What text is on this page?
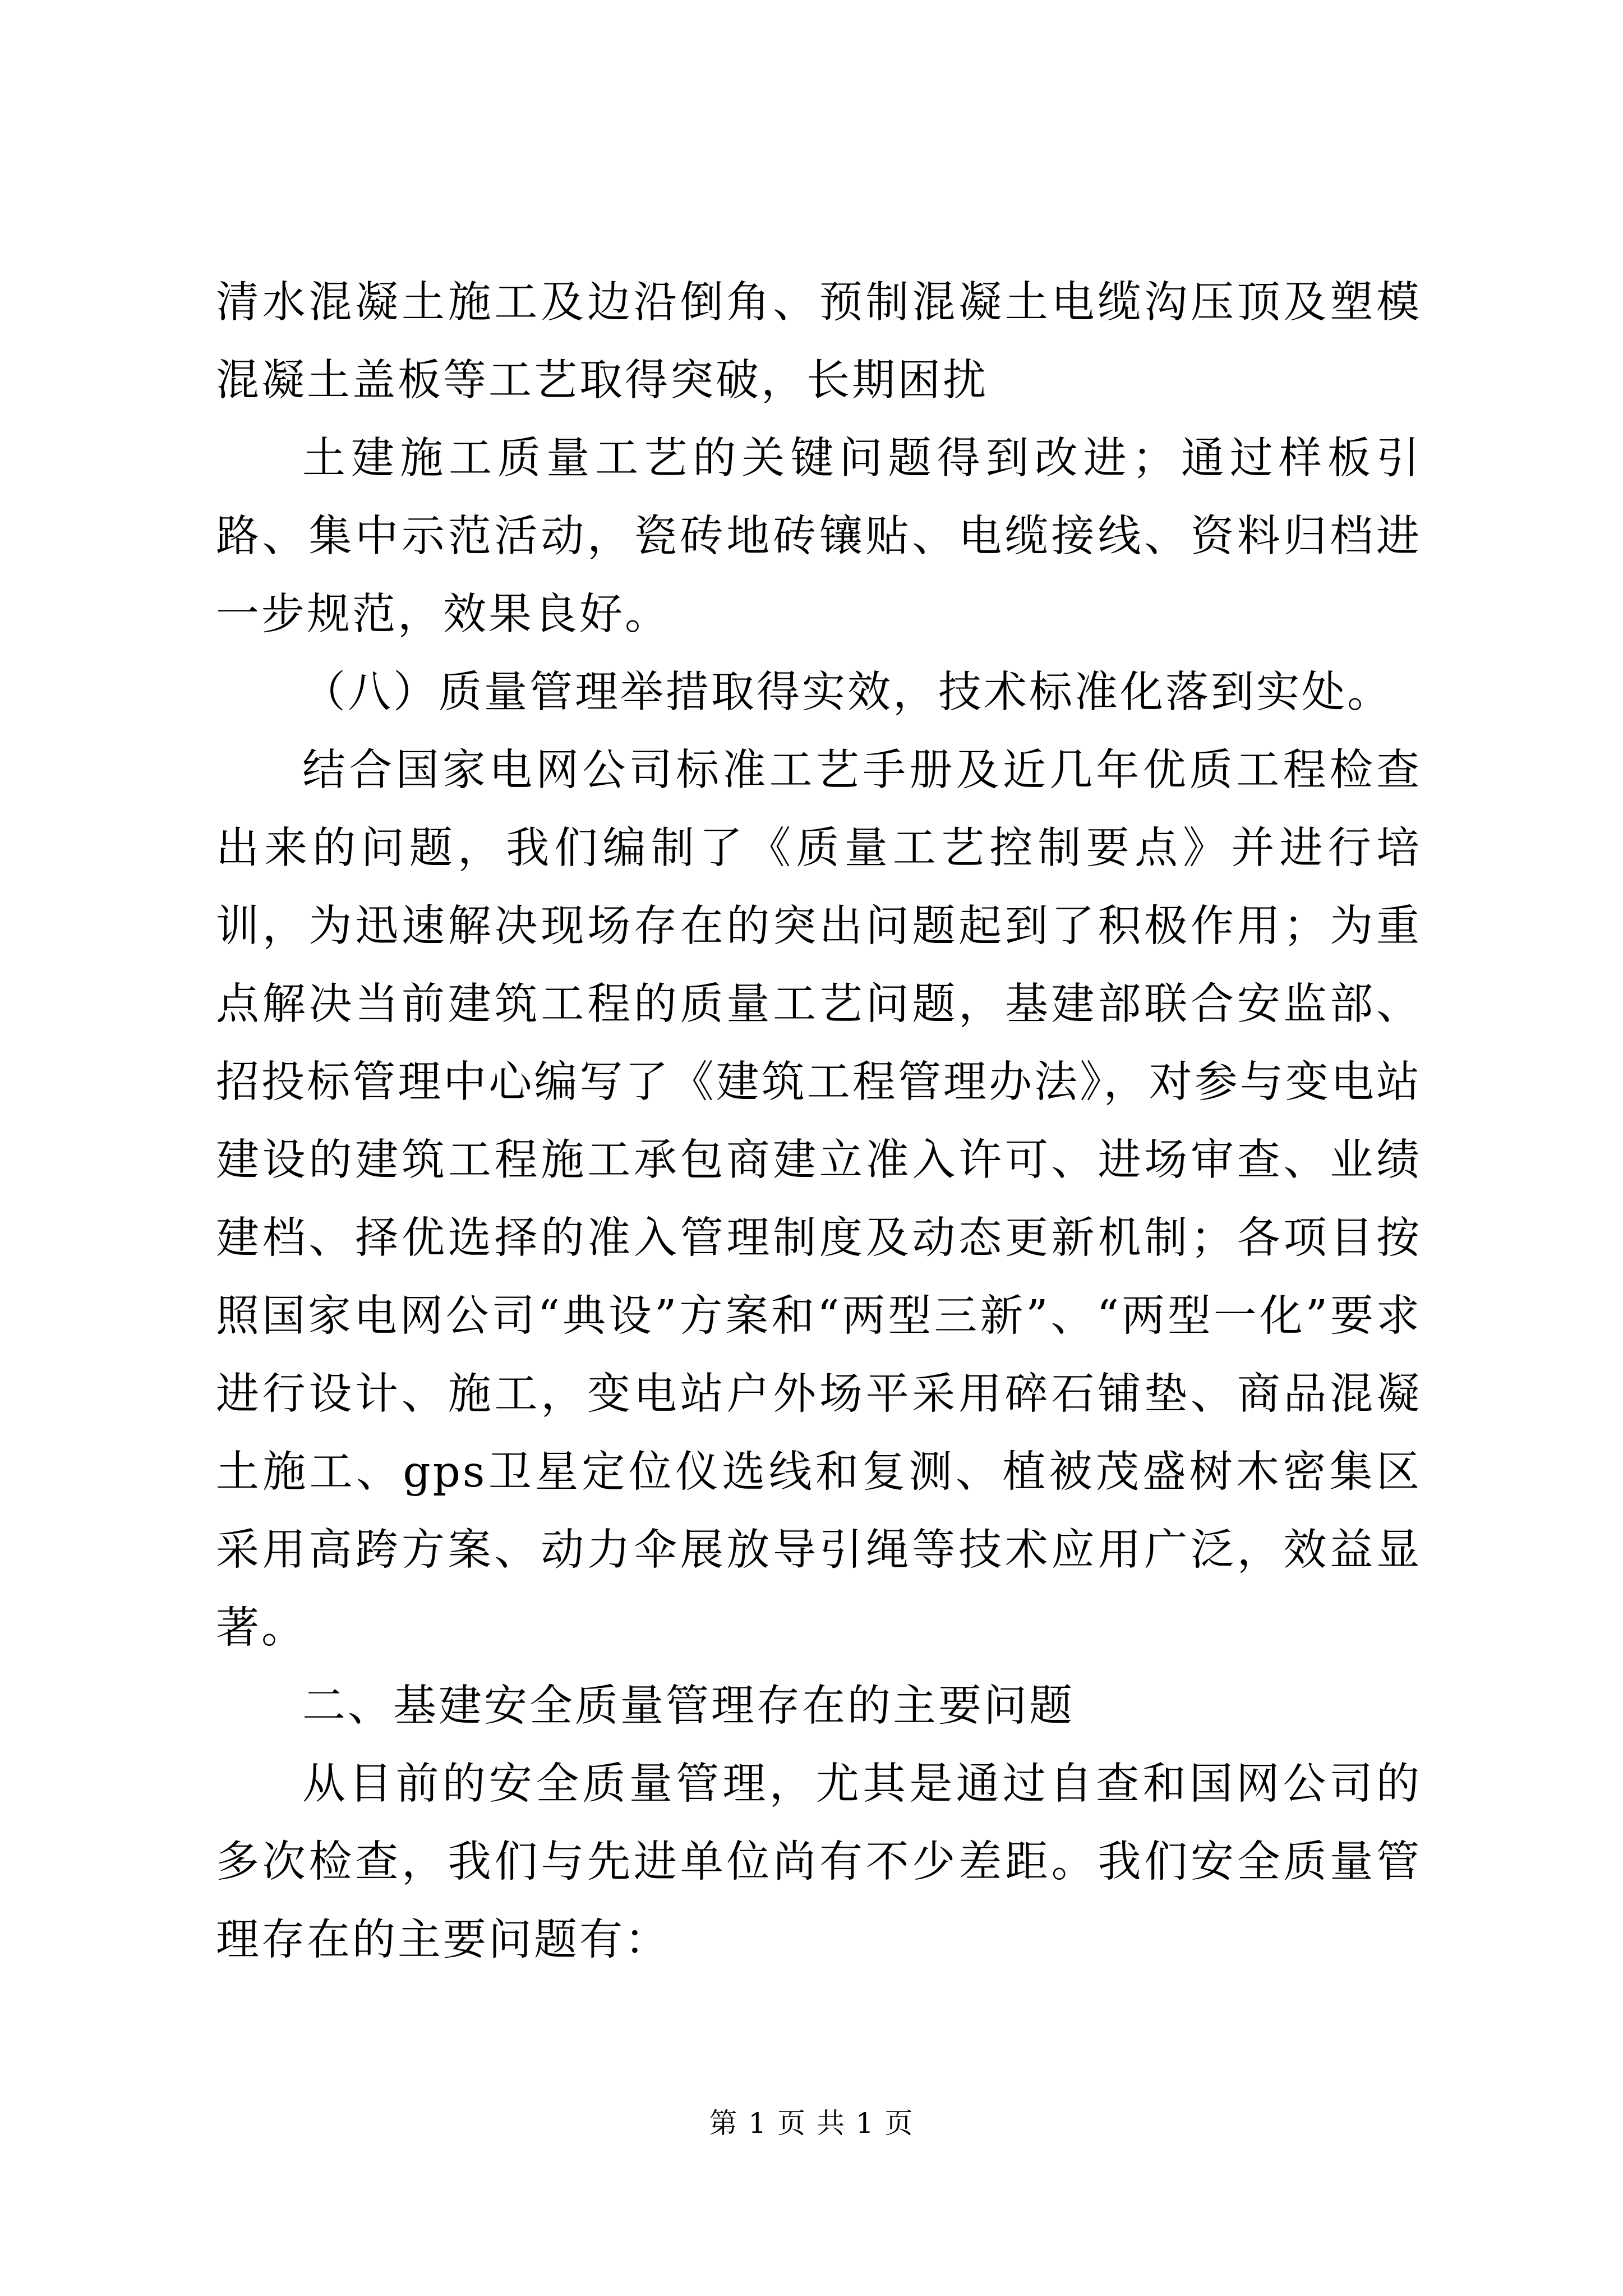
清水混凝土施工及边沿倒角、预制混凝土电缆沟压顶及塑模混凝土盖板等工艺取得突破，长期困扰

土建施工质量工艺的关键问题得到改进；通过样板引路、集中示范活动，瓷砖地砖镶贴、电缆接线、资料归档进一步规范，效果良好。

（八）质量管理举措取得实效，技术标准化落到实处。

结合国家电网公司标准工艺手册及近几年优质工程检查出来的问题，我们编制了《质量工艺控制要点》并进行培训，为迅速解决现场存在的突出问题起到了积极作用；为重点解决当前建筑工程的质量工艺问题，基建部联合安监部、招投标管理中心编写了《建筑工程管理办法》，对参与变电站建设的建筑工程施工承包商建立准入许可、进场审查、业绩建档、择优选择的准入管理制度及动态更新机制；各项目按照国家电网公司“典设”方案和“两型三新”、“两型一化”要求进行设计、施工，变电站户外场平采用碎石铺垫、商品混凝土施工、gps卫星定位仪选线和复测、植被茂盛树木密集区采用高跨方案、动力伞展放导引绳等技术应用广泛，效益显著。

二、基建安全质量管理存在的主要问题

从目前的安全质量管理，尤其是通过自查和国网公司的多次检查，我们与先进单位尚有不少差距。我们安全质量管理存在的主要问题有：

第 1 页 共 1 页
